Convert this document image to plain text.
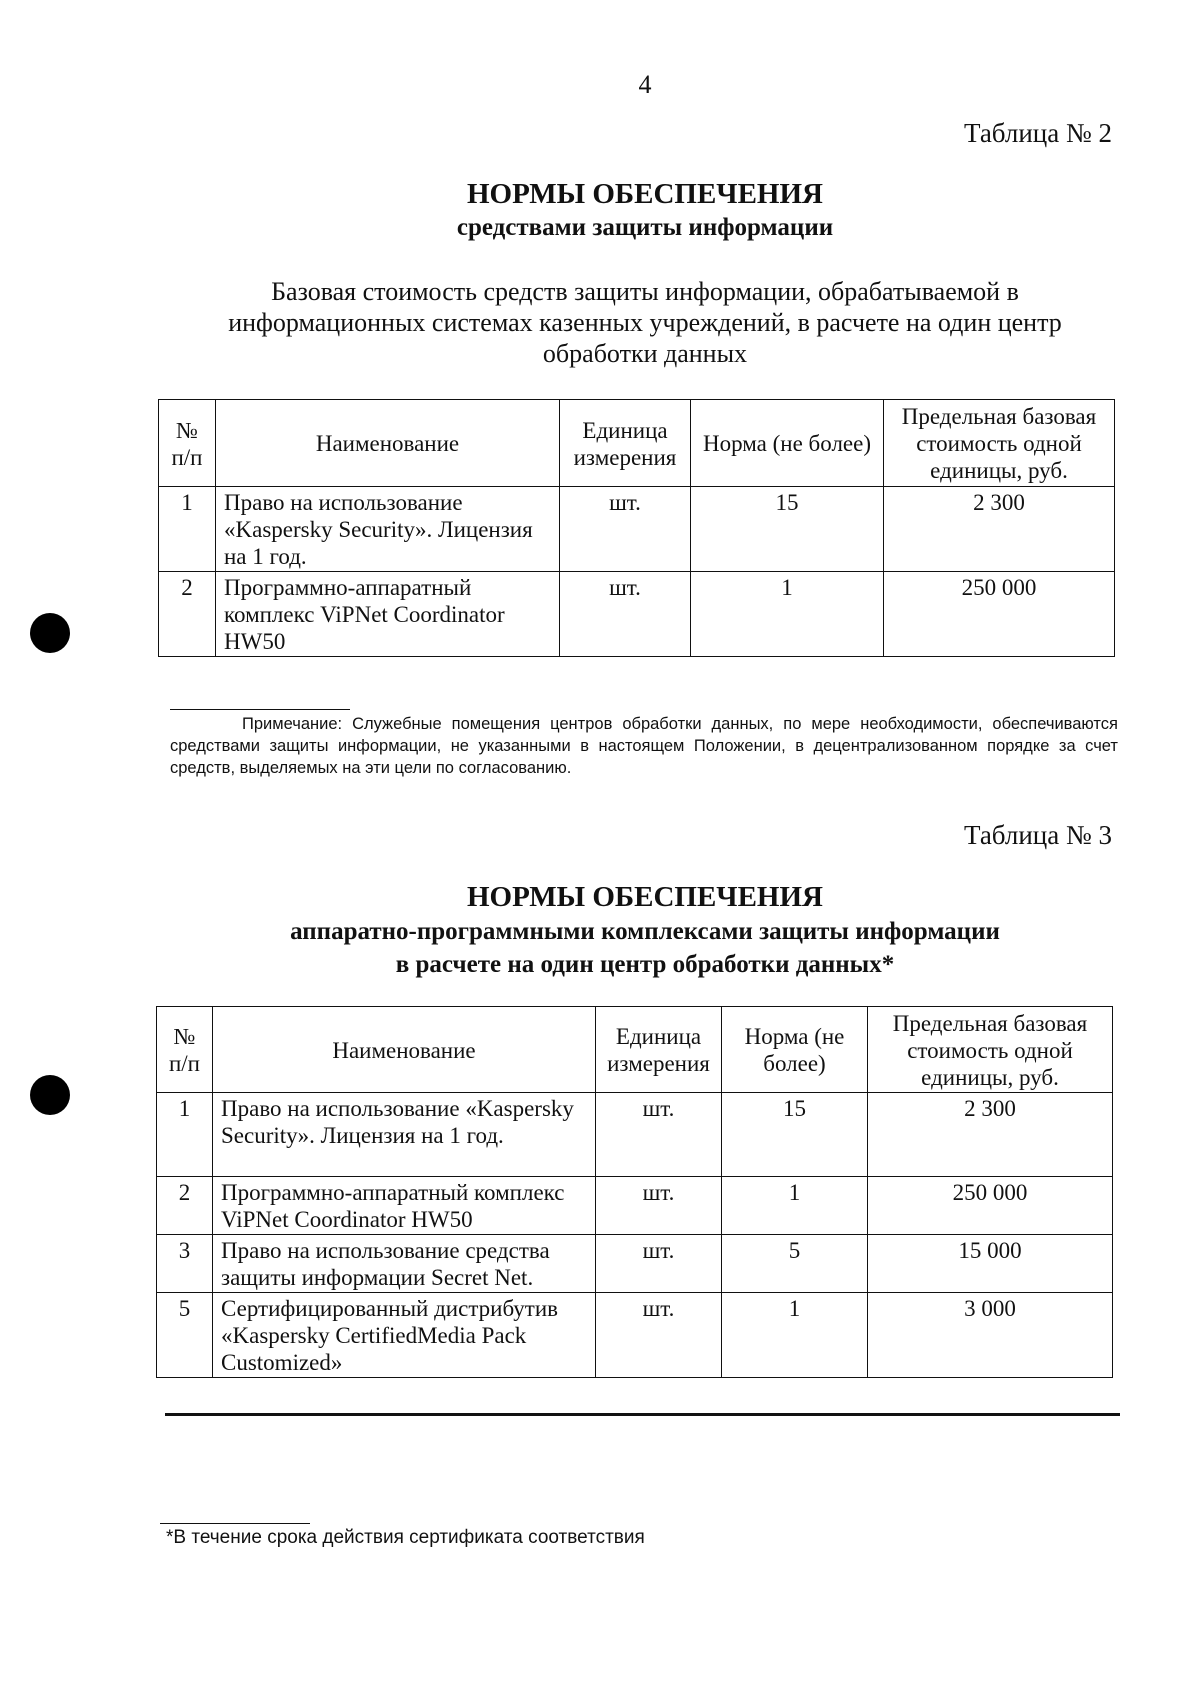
4
Таблица № 2
НОРМЫ ОБЕСПЕЧЕНИЯ
средствами защиты информации
Базовая стоимость средств защиты информации, обрабатываемой в информационных системах казенных учреждений, в расчете на один центр обработки данных
№ п/п	Наименование	Единица измерения	Норма (не более)	Предельная базовая стоимость одной единицы, руб.
1	Право на использование «Kaspersky Security». Лицензия на 1 год.	шт.	15	2 300
2	Программно-аппаратный комплекс ViPNet Coordinator HW50	шт.	1	250 000
Примечание: Служебные помещения центров обработки данных, по мере необходимости, обеспечиваются средствами защиты информации, не указанными в настоящем Положении, в децентрализованном порядке за счет средств, выделяемых на эти цели по согласованию.
Таблица № 3
НОРМЫ ОБЕСПЕЧЕНИЯ
аппаратно-программными комплексами защиты информации
в расчете на один центр обработки данных*
№ п/п	Наименование	Единица измерения	Норма (не более)	Предельная базовая стоимость одной единицы, руб.
1	Право на использование «Kaspersky Security». Лицензия на 1 год.	шт.	15	2 300
2	Программно-аппаратный комплекс ViPNet Coordinator HW50	шт.	1	250 000
3	Право на использование средства защиты информации Secret Net.	шт.	5	15 000
5	Сертифицированный дистрибутив «Kaspersky CertifiedMedia Pack Customized»	шт.	1	3 000
*В течение срока действия сертификата соответствия
